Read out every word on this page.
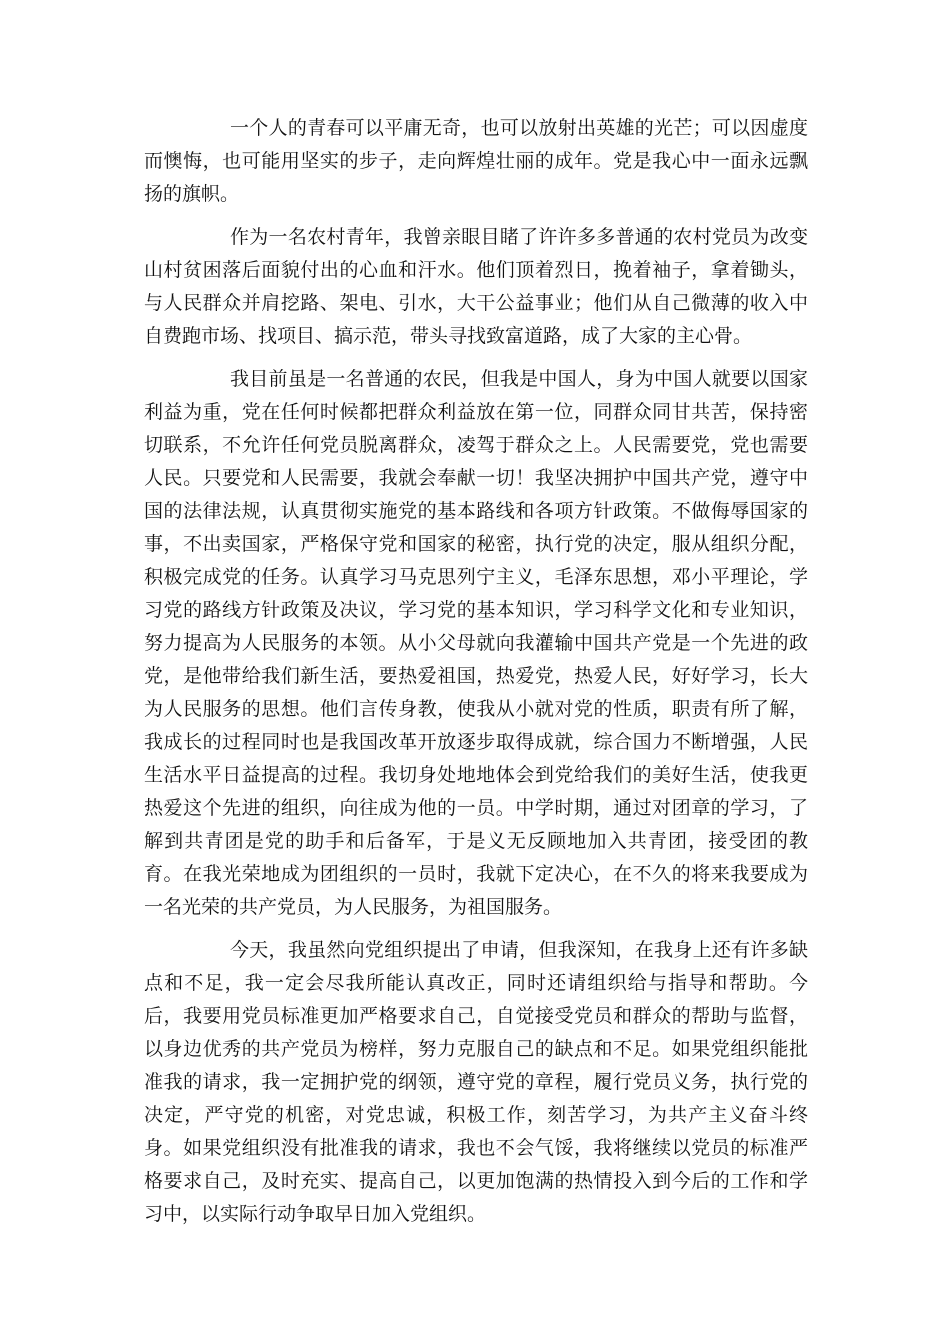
一个人的青春可以平庸无奇，也可以放射出英雄的光芒；可以因虚度而懊悔，也可能用坚实的步子，走向辉煌壮丽的成年。党是我心中一面永远飘扬的旗帜。

作为一名农村青年，我曾亲眼目睹了许许多多普通的农村党员为改变山村贫困落后面貌付出的心血和汗水。他们顶着烈日，挽着袖子，拿着锄头，与人民群众并肩挖路、架电、引水，大干公益事业；他们从自己微薄的收入中自费跑市场、找项目、搞示范，带头寻找致富道路，成了大家的主心骨。

我目前虽是一名普通的农民，但我是中国人，身为中国人就要以国家利益为重，党在任何时候都把群众利益放在第一位，同群众同甘共苦，保持密切联系，不允许任何党员脱离群众，凌驾于群众之上。人民需要党，党也需要人民。只要党和人民需要，我就会奉献一切！我坚决拥护中国共产党，遵守中国的法律法规，认真贯彻实施党的基本路线和各项方针政策。不做侮辱国家的事，不出卖国家，严格保守党和国家的秘密，执行党的决定，服从组织分配，积极完成党的任务。认真学习马克思列宁主义，毛泽东思想，邓小平理论，学习党的路线方针政策及决议，学习党的基本知识，学习科学文化和专业知识，努力提高为人民服务的本领。从小父母就向我灌输中国共产党是一个先进的政党，是他带给我们新生活，要热爱祖国，热爱党，热爱人民，好好学习，长大为人民服务的思想。他们言传身教，使我从小就对党的性质，职责有所了解，我成长的过程同时也是我国改革开放逐步取得成就，综合国力不断增强，人民生活水平日益提高的过程。我切身处地地体会到党给我们的美好生活，使我更热爱这个先进的组织，向往成为他的一员。中学时期，通过对团章的学习，了解到共青团是党的助手和后备军，于是义无反顾地加入共青团，接受团的教育。在我光荣地成为团组织的一员时，我就下定决心，在不久的将来我要成为一名光荣的共产党员，为人民服务，为祖国服务。

今天，我虽然向党组织提出了申请，但我深知，在我身上还有许多缺点和不足，我一定会尽我所能认真改正，同时还请组织给与指导和帮助。今后，我要用党员标准更加严格要求自己，自觉接受党员和群众的帮助与监督，以身边优秀的共产党员为榜样，努力克服自己的缺点和不足。如果党组织能批准我的请求，我一定拥护党的纲领，遵守党的章程，履行党员义务，执行党的决定，严守党的机密，对党忠诚，积极工作，刻苦学习，为共产主义奋斗终身。如果党组织没有批准我的请求，我也不会气馁，我将继续以党员的标准严格要求自己，及时充实、提高自己，以更加饱满的热情投入到今后的工作和学习中，以实际行动争取早日加入党组织。
